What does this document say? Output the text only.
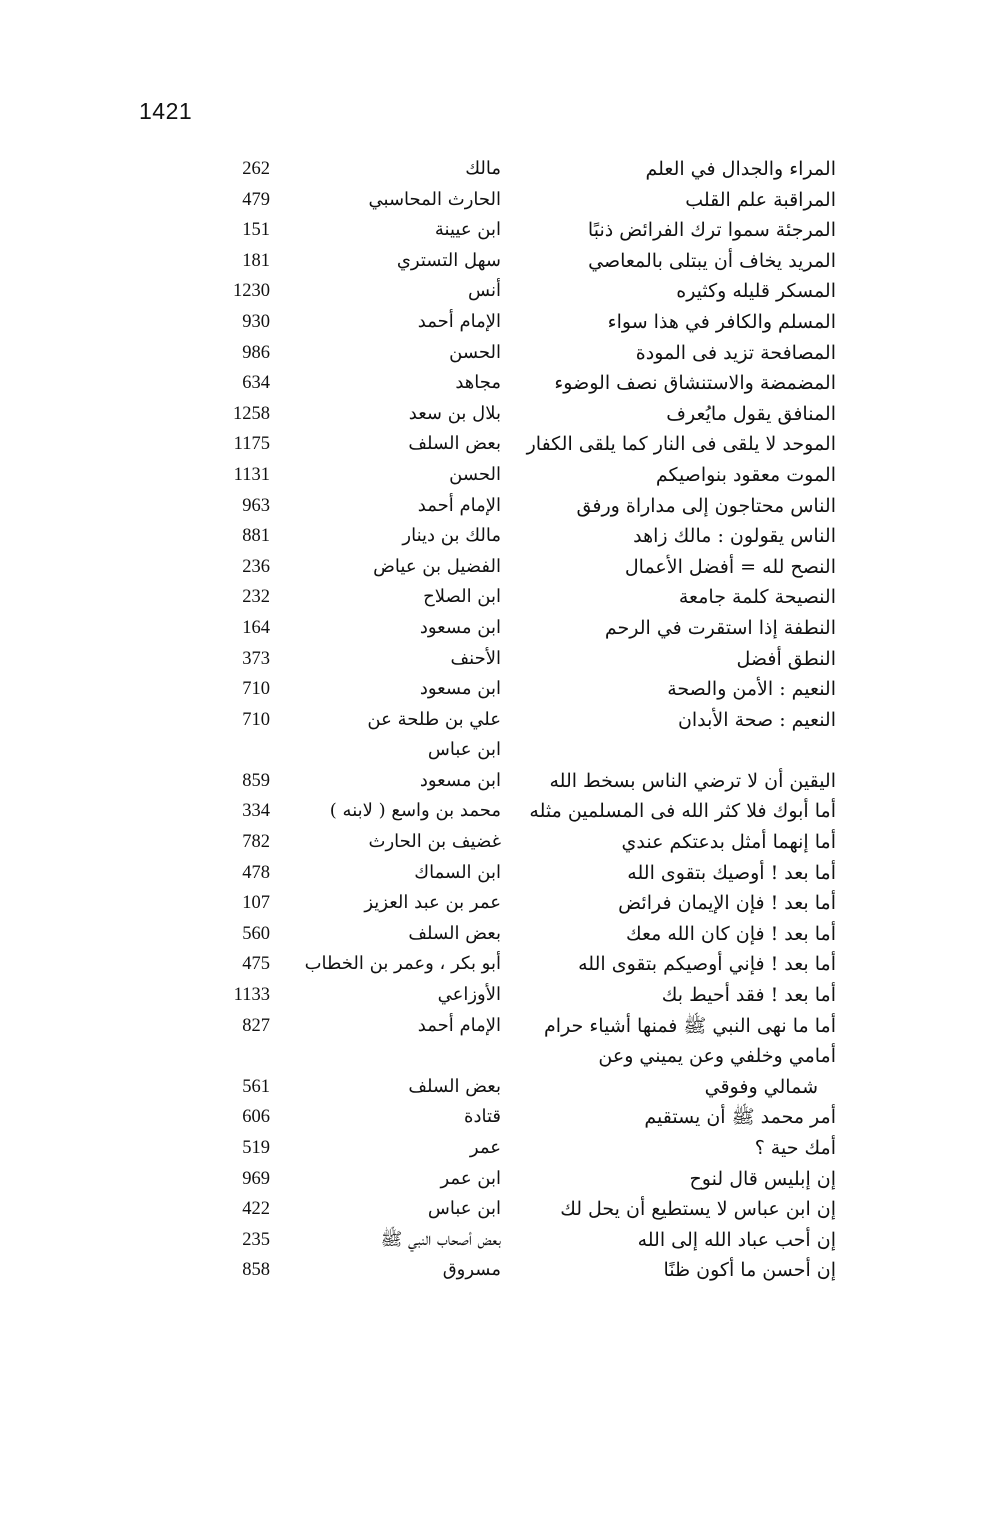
1421
المراء والجدال في العلم
مالك
262
المراقبة علم القلب
الحارث المحاسبي
479
المرجئة سموا ترك الفرائض ذنبًا
ابن عيينة
151
المريد يخاف أن يبتلى بالمعاصي
سهل التستري
181
المسكر قليله وكثيره
أنس
1230
المسلم والكافر في هذا سواء
الإمام أحمد
930
المصافحة تزيد فى المودة
الحسن
986
المضمضة والاستنشاق نصف الوضوء
مجاهد
634
المنافق يقول مايُعرف
بلال بن سعد
1258
الموحد لا يلقى فى النار كما يلقى الكفار
بعض السلف
1175
الموت معقود بنواصيكم
الحسن
1131
الناس محتاجون إلى مداراة ورفق
الإمام أحمد
963
الناس يقولون : مالك زاهد
مالك بن دينار
881
النصح لله = أفضل الأعمال
الفضيل بن عياض
236
النصيحة كلمة جامعة
ابن الصلاح
232
النطفة إذا استقرت في الرحم
ابن مسعود
164
النطق أفضل
الأحنف
373
النعيم : الأمن والصحة
ابن مسعود
710
النعيم : صحة الأبدان
علي بن طلحة عن
710
ابن عباس
اليقين أن لا ترضي الناس بسخط الله
ابن مسعود
859
أما أبوك فلا كثر الله فى المسلمين مثله
محمد بن واسع ( لابنه )
334
أما إنهما أمثل بدعتكم عندي
غضيف بن الحارث
782
أما بعد ! أوصيك بتقوى الله
ابن السماك
478
أما بعد ! فإن الإيمان فرائض
عمر بن عبد العزيز
107
أما بعد ! فإن كان الله معك
بعض السلف
560
أما بعد ! فإني أوصيكم بتقوى الله
أبو بكر ، وعمر بن الخطاب
475
أما بعد ! فقد أحيط بك
الأوزاعي
1133
أما ما نهى النبي ﷺ فمنها أشياء حرام
الإمام أحمد
827
أمامي وخلفي وعن يميني وعن
شمالي وفوقي
بعض السلف
561
أمر محمد ﷺ أن يستقيم
قتادة
606
أمك حية ؟
عمر
519
إن إبليس قال لنوح
ابن عمر
969
إن ابن عباس لا يستطيع أن يحل لك
ابن عباس
422
إن أحب عباد الله إلى الله
بعض أصحاب النبي ﷺ
235
إن أحسن ما أكون ظنًا
مسروق
858
